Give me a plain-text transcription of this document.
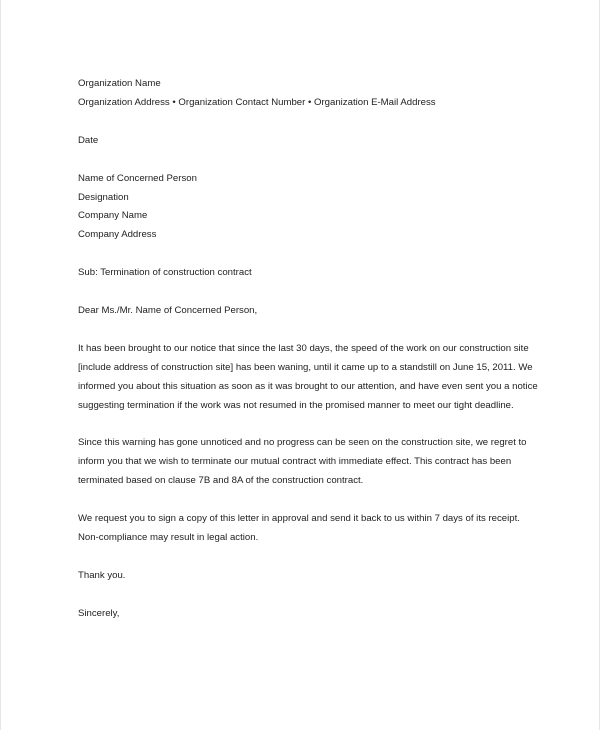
Organization Name
Organization Address • Organization Contact Number • Organization E-Mail Address
Date
Name of Concerned Person
Designation
Company Name
Company Address
Sub: Termination of construction contract
Dear Ms./Mr. Name of Concerned Person,
It has been brought to our notice that since the last 30 days, the speed of the work on our construction site
[include address of construction site] has been waning, until it came up to a standstill on June 15, 2011. We
informed you about this situation as soon as it was brought to our attention, and have even sent you a notice
suggesting termination if the work was not resumed in the promised manner to meet our tight deadline.
Since this warning has gone unnoticed and no progress can be seen on the construction site, we regret to
inform you that we wish to terminate our mutual contract with immediate effect. This contract has been
terminated based on clause 7B and 8A of the construction contract.
We request you to sign a copy of this letter in approval and send it back to us within 7 days of its receipt.
Non-compliance may result in legal action.
Thank you.
Sincerely,
